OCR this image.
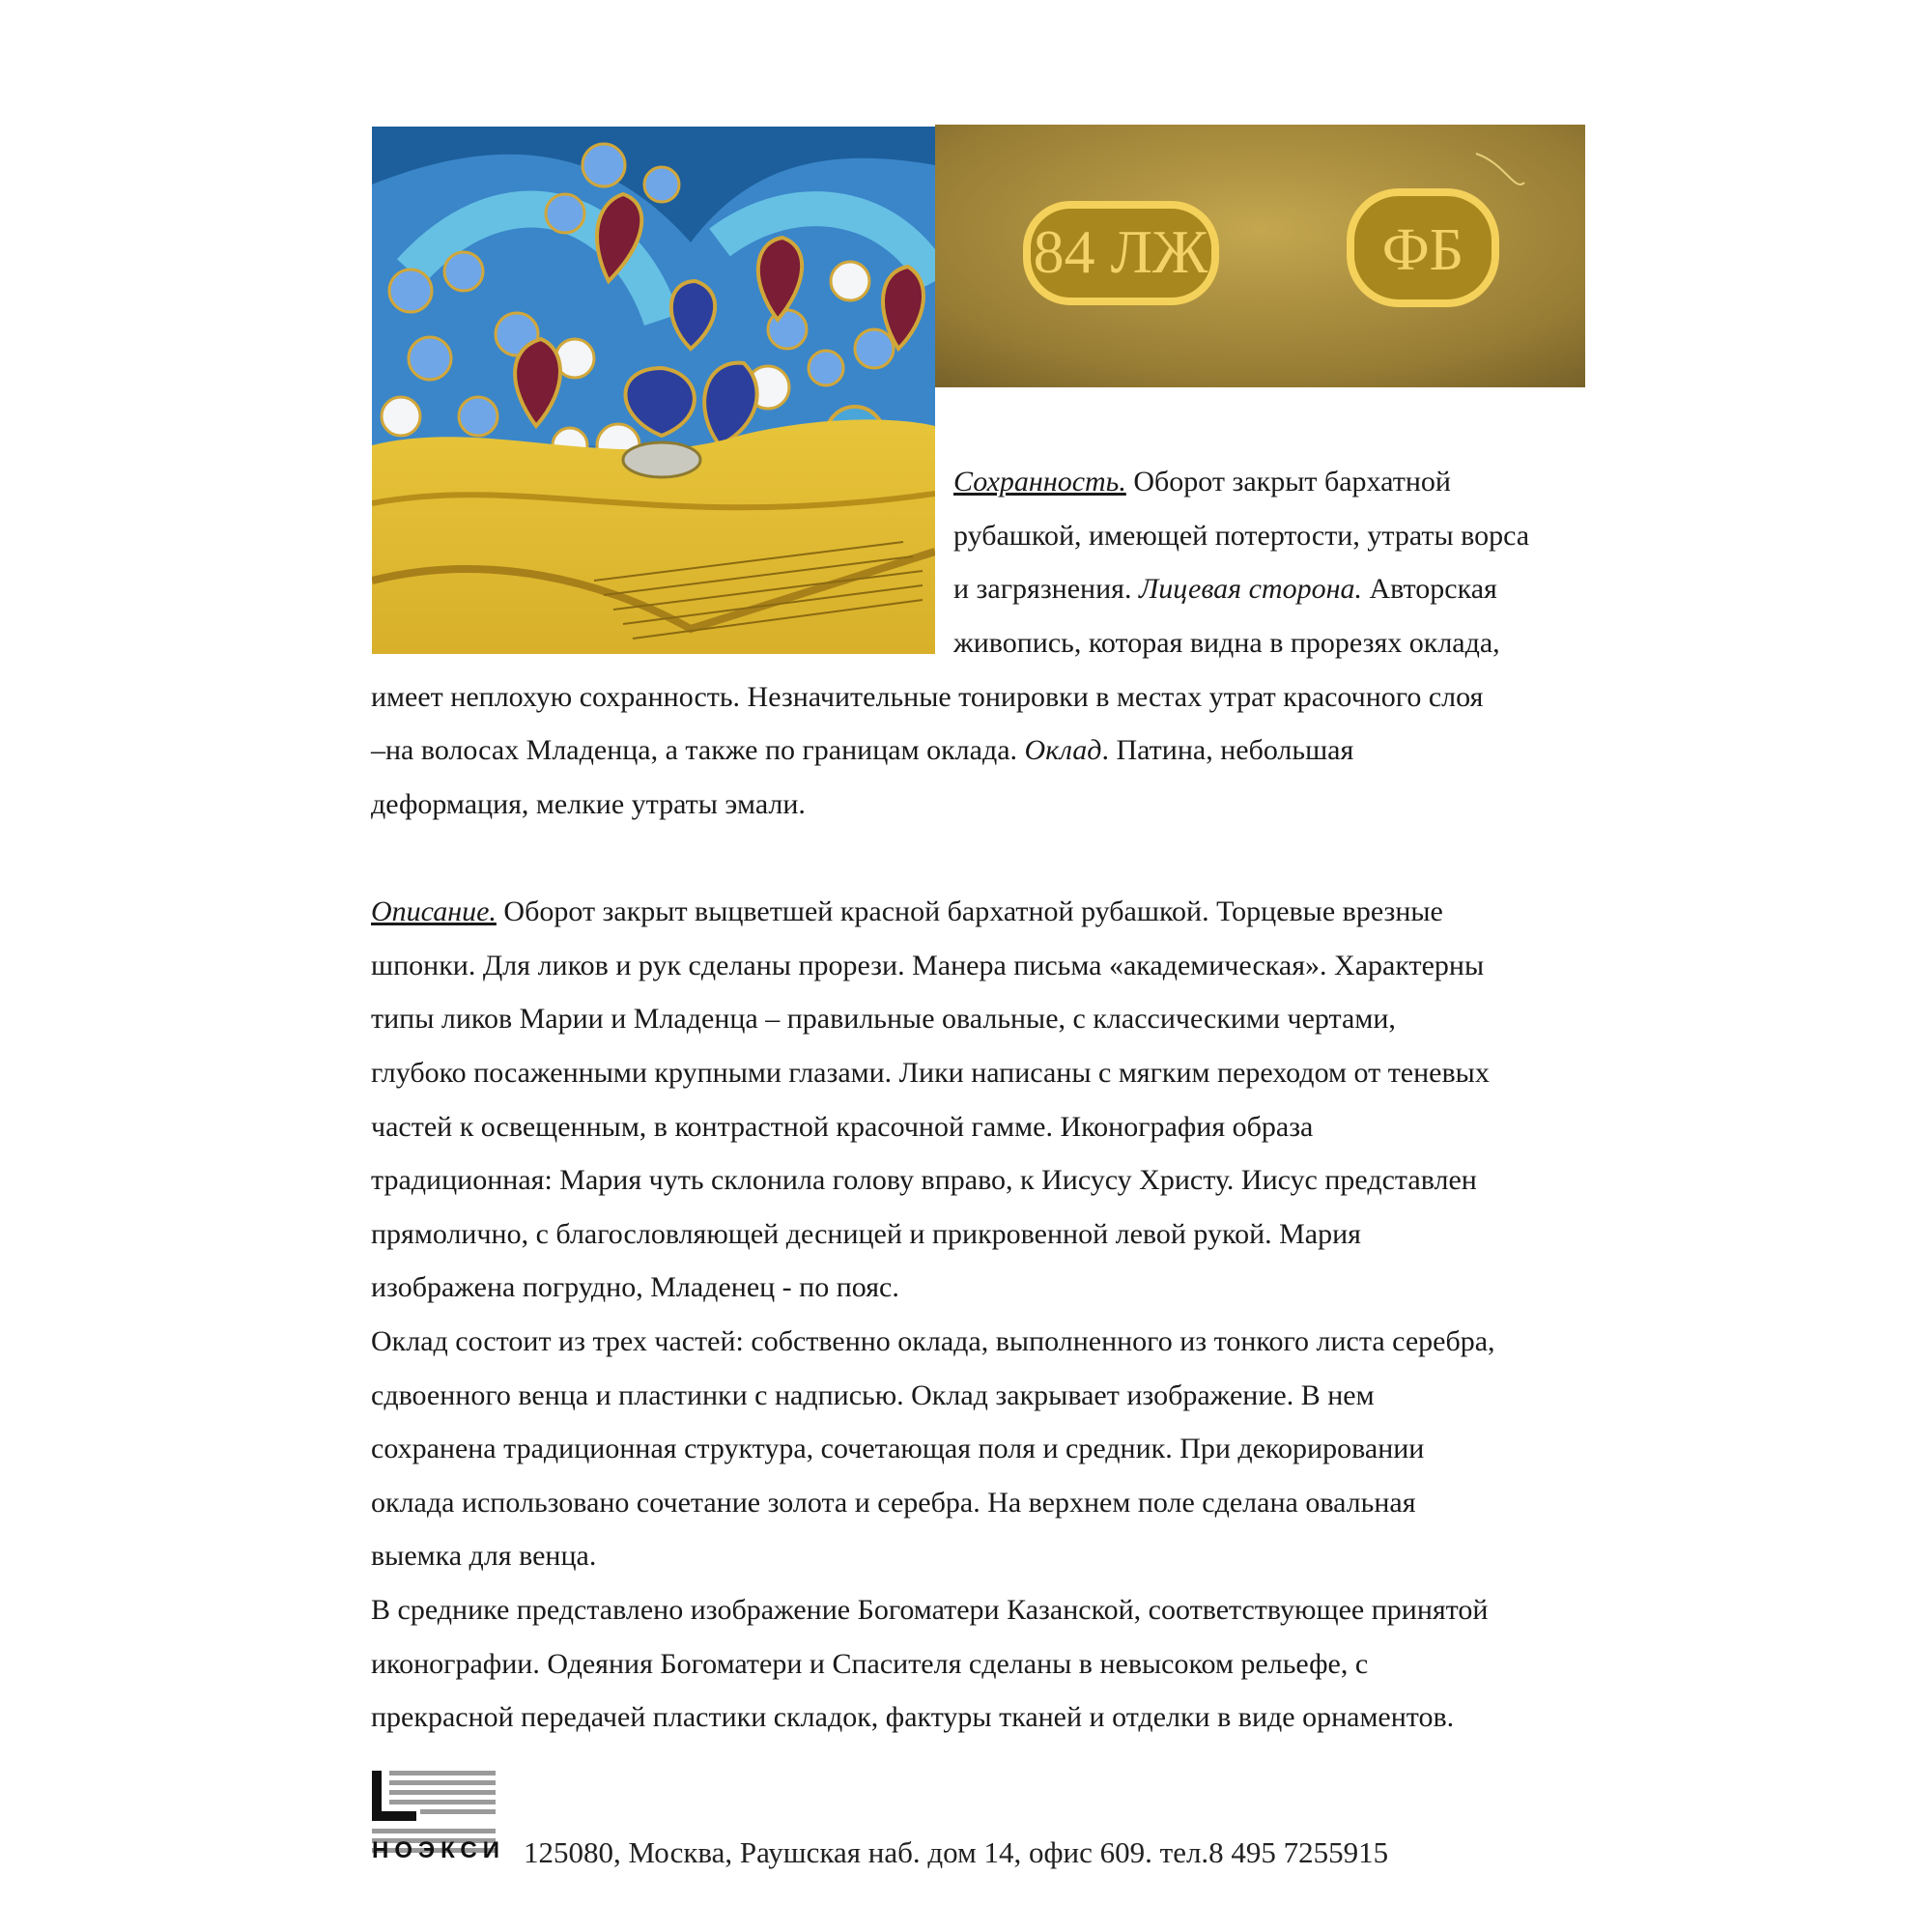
84 ЛЖ	ФБ
Сохранность. Оборот закрыт бархатной
рубашкой, имеющей потертости, утраты ворса
и загрязнения. Лицевая сторона. Авторская
живопись, которая видна в прорезях оклада,
имеет неплохую сохранность. Незначительные тонировки в местах утрат красочного слоя
–на волосах Младенца, а также по границам оклада. Оклад. Патина, небольшая
деформация, мелкие утраты эмали.
Описание. Оборот закрыт выцветшей красной бархатной рубашкой. Торцевые врезные
шпонки. Для ликов и рук сделаны прорези. Манера письма «академическая». Характерны
типы ликов Марии и Младенца – правильные овальные, с классическими чертами,
глубоко посаженными крупными глазами. Лики написаны с мягким переходом от теневых
частей к освещенным, в контрастной красочной гамме. Иконография образа
традиционная: Мария чуть склонила голову вправо, к Иисусу Христу. Иисус представлен
прямолично, с благословляющей десницей и прикровенной левой рукой. Мария
изображена погрудно, Младенец - по пояс.
Оклад состоит из трех частей: собственно оклада, выполненного из тонкого листа серебра,
сдвоенного венца и пластинки с надписью. Оклад закрывает изображение. В нем
сохранена традиционная структура, сочетающая поля и средник. При декорировании
оклада использовано сочетание золота и серебра. На верхнем поле сделана овальная
выемка для венца.
В среднике представлено изображение Богоматери Казанской, соответствующее принятой
иконографии. Одеяния Богоматери и Спасителя сделаны в невысоком рельефе, с
прекрасной передачей пластики складок, фактуры тканей и отделки в виде орнаментов.
НОЭКСИ 125080, Москва, Раушская наб. дом 14, офис 609. тел.8 495 7255915
